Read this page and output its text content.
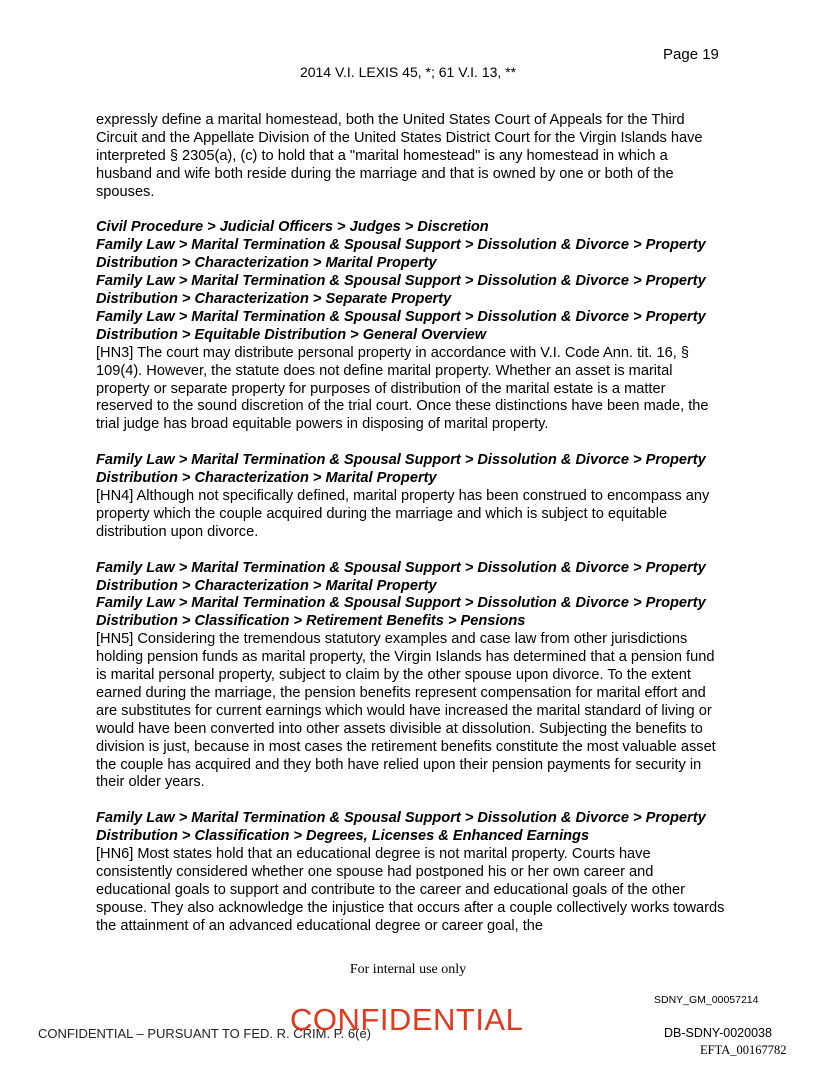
Page 19
2014 V.I. LEXIS 45, *; 61 V.I. 13, **

expressly define a marital homestead, both the United States Court of Appeals for the Third Circuit and the Appellate Division of the United States District Court for the Virgin Islands have interpreted § 2305(a), (c) to hold that a "marital homestead" is any homestead in which a husband and wife both reside during the marriage and that is owned by one or both of the spouses.

Civil Procedure > Judicial Officers > Judges > Discretion

Family Law > Marital Termination & Spousal Support > Dissolution & Divorce > Property Distribution > Characterization > Marital Property

Family Law > Marital Termination & Spousal Support > Dissolution & Divorce > Property Distribution > Characterization > Separate Property

Family Law > Marital Termination & Spousal Support > Dissolution & Divorce > Property Distribution > Equitable Distribution > General Overview

[HN3] The court may distribute personal property in accordance with V.I. Code Ann. tit. 16, § 109(4). However, the statute does not define marital property. Whether an asset is marital property or separate property for purposes of distribution of the marital estate is a matter reserved to the sound discretion of the trial court. Once these distinctions have been made, the trial judge has broad equitable powers in disposing of marital property.

Family Law > Marital Termination & Spousal Support > Dissolution & Divorce > Property Distribution > Characterization > Marital Property

[HN4] Although not specifically defined, marital property has been construed to encompass any property which the couple acquired during the marriage and which is subject to equitable distribution upon divorce.

Family Law > Marital Termination & Spousal Support > Dissolution & Divorce > Property Distribution > Characterization > Marital Property

Family Law > Marital Termination & Spousal Support > Dissolution & Divorce > Property Distribution > Classification > Retirement Benefits > Pensions

[HN5] Considering the tremendous statutory examples and case law from other jurisdictions holding pension funds as marital property, the Virgin Islands has determined that a pension fund is marital personal property, subject to claim by the other spouse upon divorce. To the extent earned during the marriage, the pension benefits represent compensation for marital effort and are substitutes for current earnings which would have increased the marital standard of living or would have been converted into other assets divisible at dissolution. Subjecting the benefits to division is just, because in most cases the retirement benefits constitute the most valuable asset the couple has acquired and they both have relied upon their pension payments for security in their older years.

Family Law > Marital Termination & Spousal Support > Dissolution & Divorce > Property Distribution > Classification > Degrees, Licenses & Enhanced Earnings

[HN6] Most states hold that an educational degree is not marital property. Courts have consistently considered whether one spouse had postponed his or her own career and educational goals to support and contribute to the career and educational goals of the other spouse. They also acknowledge the injustice that occurs after a couple collectively works towards the attainment of an advanced educational degree or career goal, the

For internal use only
SDNY_GM_00057214
CONFIDENTIAL – PURSUANT TO FED. R. CRIM. P. 6(e)
CONFIDENTIAL	DB-SDNY-0020038
EFTA_00167782
